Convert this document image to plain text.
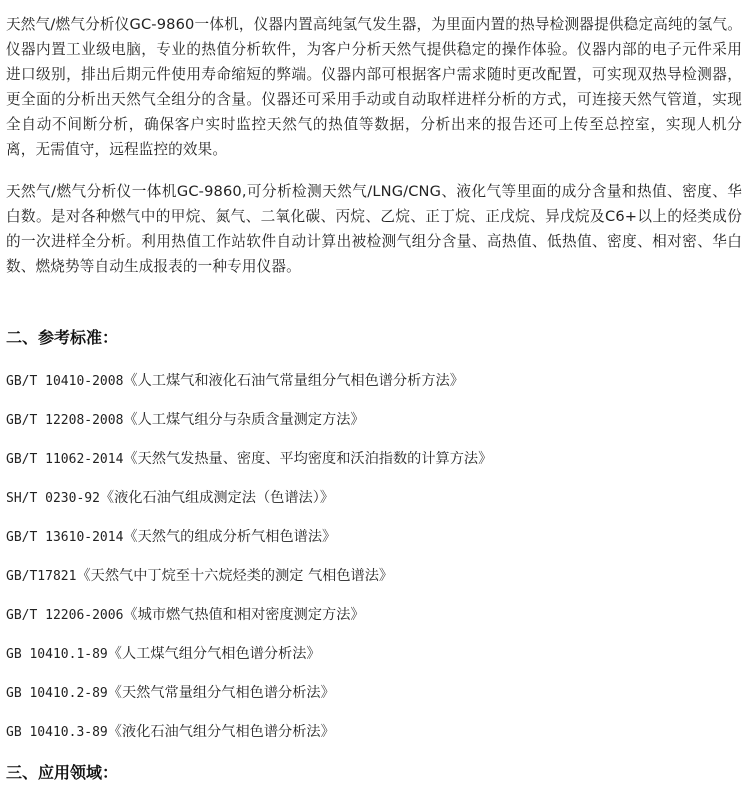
天然气/燃气分析仪GC-9860一体机，仪器内置高纯氢气发生器，为里面内置的热导检测器提供稳定高纯的氢气。仪器内置工业级电脑，专业的热值分析软件，为客户分析天然气提供稳定的操作体验。仪器内部的电子元件采用进口级别，排出后期元件使用寿命缩短的弊端。仪器内部可根据客户需求随时更改配置，可实现双热导检测器，更全面的分析出天然气全组分的含量。仪器还可采用手动或自动取样进样分析的方式，可连接天然气管道，实现全自动不间断分析，确保客户实时监控天然气的热值等数据，分析出来的报告还可上传至总控室，实现人机分离，无需值守，远程监控的效果。

天然气/燃气分析仪一体机GC-9860,可分析检测天然气/LNG/CNG、液化气等里面的成分含量和热值、密度、华白数。是对各种燃气中的甲烷、氮气、二氧化碳、丙烷、乙烷、正丁烷、正戊烷、异戊烷及C6+以上的烃类成份的一次进样全分析。利用热值工作站软件自动计算出被检测气组分含量、高热值、低热值、密度、相对密、华白数、燃烧势等自动生成报表的一种专用仪器。

二、参考标准：

GB/T 10410-2008《人工煤气和液化石油气常量组分气相色谱分析方法》

GB/T 12208-2008《人工煤气组分与杂质含量测定方法》

GB/T 11062-2014《天然气发热量、密度、平均密度和沃泊指数的计算方法》

SH/T 0230-92《液化石油气组成测定法（色谱法）》

GB/T 13610-2014《天然气的组成分析气相色谱法》

GB/T17821《天然气中丁烷至十六烷烃类的测定 气相色谱法》

GB/T 12206-2006《城市燃气热值和相对密度测定方法》

GB 10410.1-89《人工煤气组分气相色谱分析法》

GB 10410.2-89《天然气常量组分气相色谱分析法》

GB 10410.3-89《液化石油气组分气相色谱分析法》

三、应用领域：
